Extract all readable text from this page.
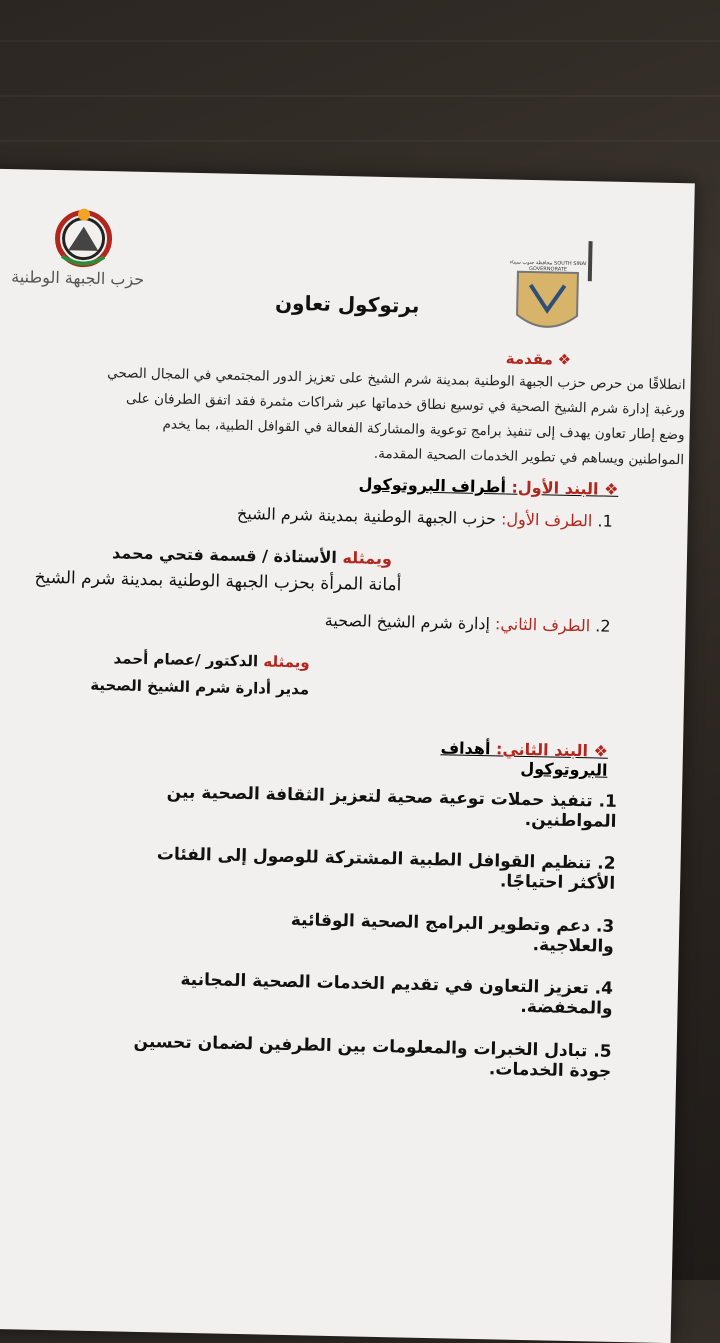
حزب الجبهة الوطنية
محافظة جنوب سيناء SOUTH SINAI GOVERNORATE
برتوكول تعاون
❖ مقدمة
انطلاقًا من حرص حزب الجبهة الوطنية بمدينة شرم الشيخ على تعزيز الدور المجتمعي في المجال الصحي
ورغبة إدارة شرم الشيخ الصحية في توسيع نطاق خدماتها عبر شراكات مثمرة فقد اتفق الطرفان على
وضع إطار تعاون يهدف إلى تنفيذ برامج توعوية والمشاركة الفعالة في القوافل الطبية، بما يخدم
المواطنين ويساهم في تطوير الخدمات الصحية المقدمة.
❖ البند الأول: أطراف البروتوكول
1. الطرف الأول: حزب الجبهة الوطنية بمدينة شرم الشيخ
ويمثله الأستاذة / قسمة فتحي محمد
أمانة المرأة بحزب الجبهة الوطنية بمدينة شرم الشيخ
2. الطرف الثاني: إدارة شرم الشيخ الصحية
ويمثله الدكتور /عصام أحمد
مدير أدارة شرم الشيخ الصحية
❖ البند الثاني: أهداف البروتوكول
1. تنفيذ حملات توعية صحية لتعزيز الثقافة الصحية بين المواطنين.
2. تنظيم القوافل الطبية المشتركة للوصول إلى الفئات الأكثر احتياجًا.
3. دعم وتطوير البرامج الصحية الوقائية والعلاجية.
4. تعزيز التعاون في تقديم الخدمات الصحية المجانية والمخفضة.
5. تبادل الخبرات والمعلومات بين الطرفين لضمان تحسين جودة الخدمات.
